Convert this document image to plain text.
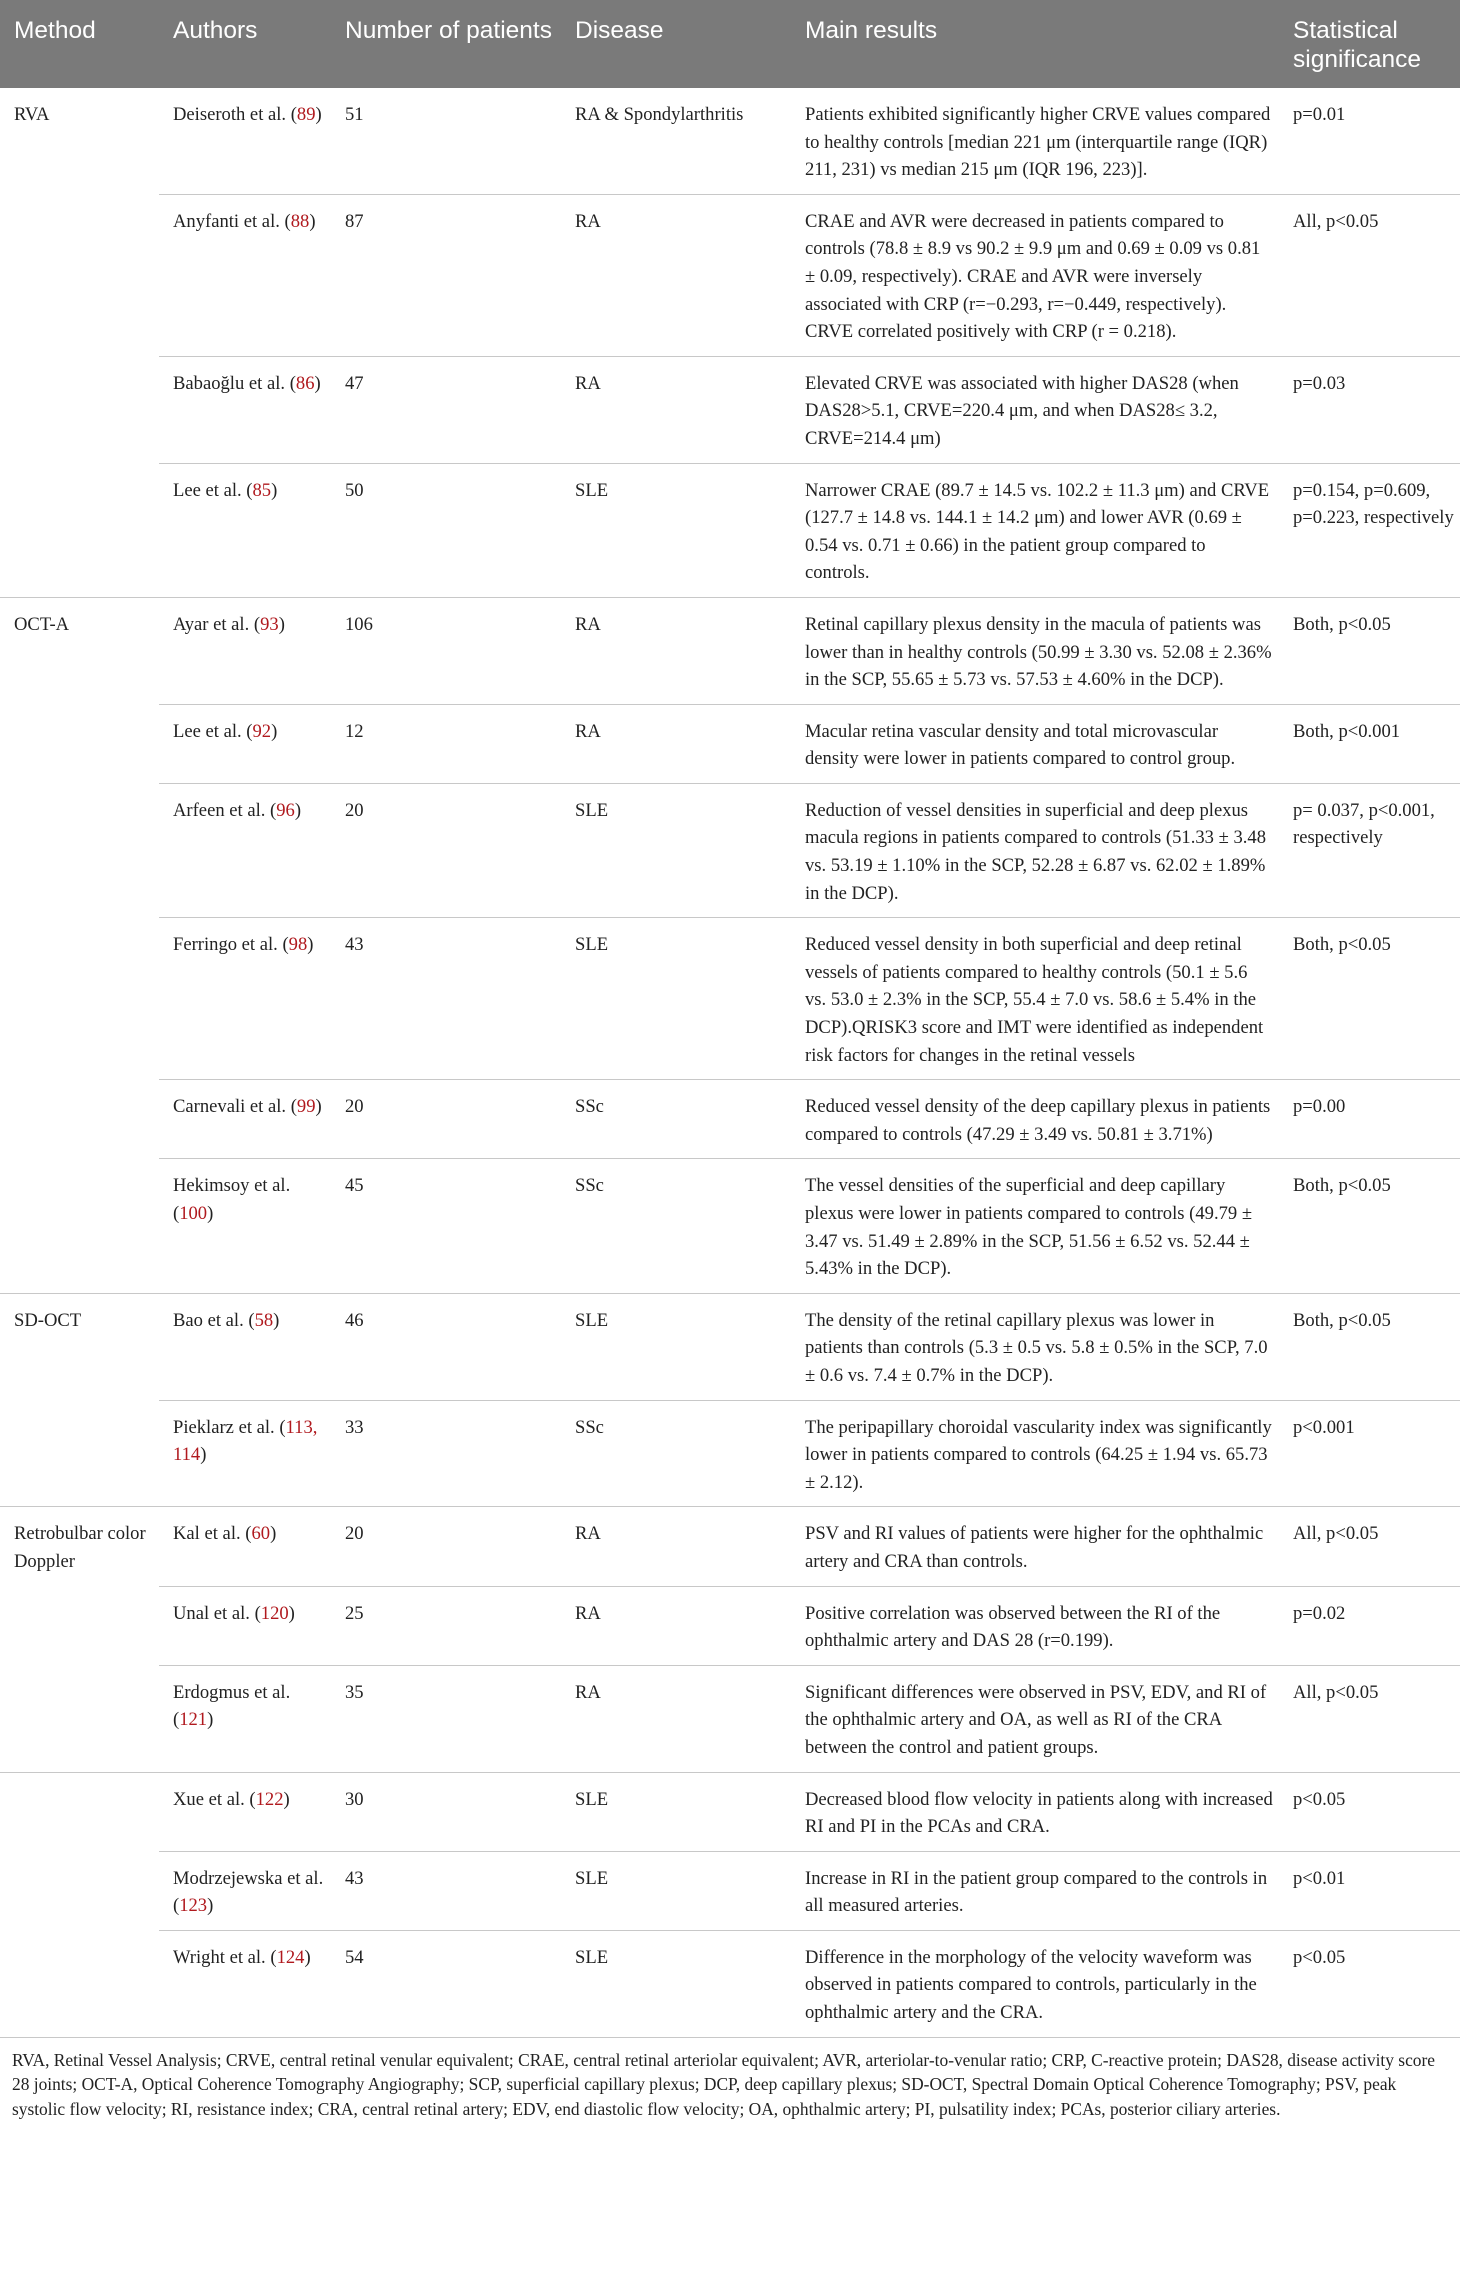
Method	Authors	Number of patients	Disease	Main results	Statistical significance
RVA	Deiseroth et al. (89)	51	RA & Spondylarthritis	Patients exhibited significantly higher CRVE values compared to healthy controls [median 221 μm (interquartile range (IQR) 211, 231) vs median 215 μm (IQR 196, 223)].	p=0.01
	Anyfanti et al. (88)	87	RA	CRAE and AVR were decreased in patients compared to controls (78.8 ± 8.9 vs 90.2 ± 9.9 μm and 0.69 ± 0.09 vs 0.81 ± 0.09, respectively). CRAE and AVR were inversely associated with CRP (r=−0.293, r=−0.449, respectively). CRVE correlated positively with CRP (r = 0.218).	All, p<0.05
	Babaoğlu et al. (86)	47	RA	Elevated CRVE was associated with higher DAS28 (when DAS28>5.1, CRVE=220.4 μm, and when DAS28≤ 3.2, CRVE=214.4 μm)	p=0.03
	Lee et al. (85)	50	SLE	Narrower CRAE (89.7 ± 14.5 vs. 102.2 ± 11.3 μm) and CRVE (127.7 ± 14.8 vs. 144.1 ± 14.2 μm) and lower AVR (0.69 ± 0.54 vs. 0.71 ± 0.66) in the patient group compared to controls.	p=0.154, p=0.609, p=0.223, respectively
OCT-A	Ayar et al. (93)	106	RA	Retinal capillary plexus density in the macula of patients was lower than in healthy controls (50.99 ± 3.30 vs. 52.08 ± 2.36% in the SCP, 55.65 ± 5.73 vs. 57.53 ± 4.60% in the DCP).	Both, p<0.05
	Lee et al. (92)	12	RA	Macular retina vascular density and total microvascular density were lower in patients compared to control group.	Both, p<0.001
	Arfeen et al. (96)	20	SLE	Reduction of vessel densities in superficial and deep plexus macula regions in patients compared to controls (51.33 ± 3.48 vs. 53.19 ± 1.10% in the SCP, 52.28 ± 6.87 vs. 62.02 ± 1.89% in the DCP).	p= 0.037, p<0.001, respectively
	Ferringo et al. (98)	43	SLE	Reduced vessel density in both superficial and deep retinal vessels of patients compared to healthy controls (50.1 ± 5.6 vs. 53.0 ± 2.3% in the SCP, 55.4 ± 7.0 vs. 58.6 ± 5.4% in the DCP).QRISK3 score and IMT were identified as independent risk factors for changes in the retinal vessels	Both, p<0.05
	Carnevali et al. (99)	20	SSc	Reduced vessel density of the deep capillary plexus in patients compared to controls (47.29 ± 3.49 vs. 50.81 ± 3.71%)	p=0.00
	Hekimsoy et al. (100)	45	SSc	The vessel densities of the superficial and deep capillary plexus were lower in patients compared to controls (49.79 ± 3.47 vs. 51.49 ± 2.89% in the SCP, 51.56 ± 6.52 vs. 52.44 ± 5.43% in the DCP).	Both, p<0.05
SD-OCT	Bao et al. (58)	46	SLE	The density of the retinal capillary plexus was lower in patients than controls (5.3 ± 0.5 vs. 5.8 ± 0.5% in the SCP, 7.0 ± 0.6 vs. 7.4 ± 0.7% in the DCP).	Both, p<0.05
	Pieklarz et al. (113, 114)	33	SSc	The peripapillary choroidal vascularity index was significantly lower in patients compared to controls (64.25 ± 1.94 vs. 65.73 ± 2.12).	p<0.001
Retrobulbar color Doppler	Kal et al. (60)	20	RA	PSV and RI values of patients were higher for the ophthalmic artery and CRA than controls.	All, p<0.05
	Unal et al. (120)	25	RA	Positive correlation was observed between the RI of the ophthalmic artery and DAS 28 (r=0.199).	p=0.02
	Erdogmus et al. (121)	35	RA	Significant differences were observed in PSV, EDV, and RI of the ophthalmic artery and OA, as well as RI of the CRA between the control and patient groups.	All, p<0.05
	Xue et al. (122)	30	SLE	Decreased blood flow velocity in patients along with increased RI and PI in the PCAs and CRA.	p<0.05
	Modrzejewska et al. (123)	43	SLE	Increase in RI in the patient group compared to the controls in all measured arteries.	p<0.01
	Wright et al. (124)	54	SLE	Difference in the morphology of the velocity waveform was observed in patients compared to controls, particularly in the ophthalmic artery and the CRA.	p<0.05
RVA, Retinal Vessel Analysis; CRVE, central retinal venular equivalent; CRAE, central retinal arteriolar equivalent; AVR, arteriolar-to-venular ratio; CRP, C-reactive protein; DAS28, disease activity score 28 joints; OCT-A, Optical Coherence Tomography Angiography; SCP, superficial capillary plexus; DCP, deep capillary plexus; SD-OCT, Spectral Domain Optical Coherence Tomography; PSV, peak systolic flow velocity; RI, resistance index; CRA, central retinal artery; EDV, end diastolic flow velocity; OA, ophthalmic artery; PI, pulsatility index; PCAs, posterior ciliary arteries.
